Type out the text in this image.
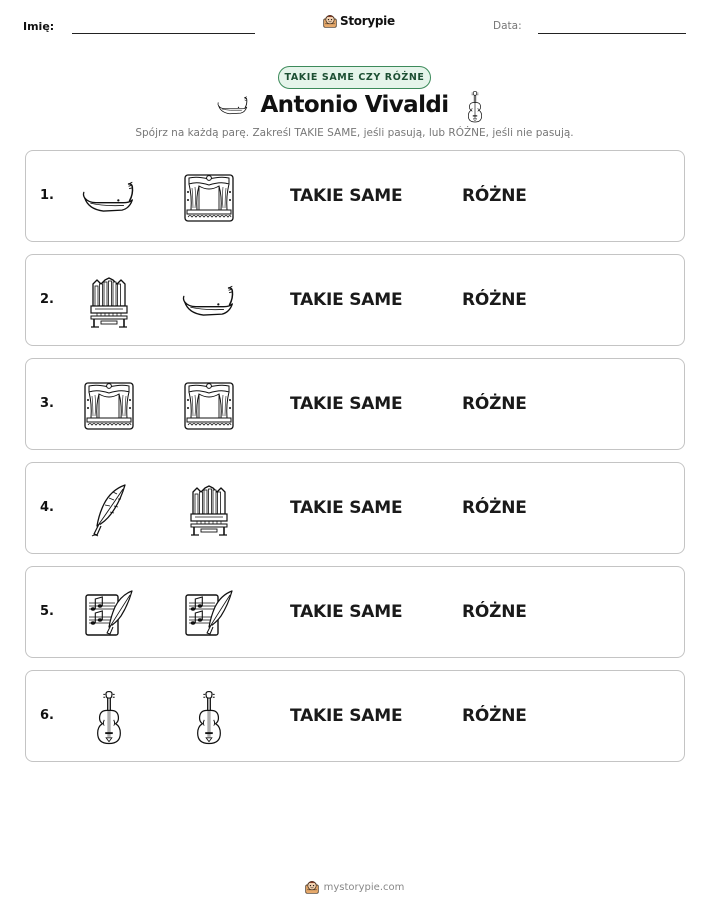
Imię:	Storypie	Data:
TAKIE SAME CZY RÓŻNE
Antonio Vivaldi
Spójrz na każdą parę. Zakreśl TAKIE SAME, jeśli pasują, lub RÓŻNE, jeśli nie pasują.
1.	TAKIE SAME	RÓŻNE
2.	TAKIE SAME	RÓŻNE
3.	TAKIE SAME	RÓŻNE
4.	TAKIE SAME	RÓŻNE
5.	TAKIE SAME	RÓŻNE
6.	TAKIE SAME	RÓŻNE
mystorypie.com
